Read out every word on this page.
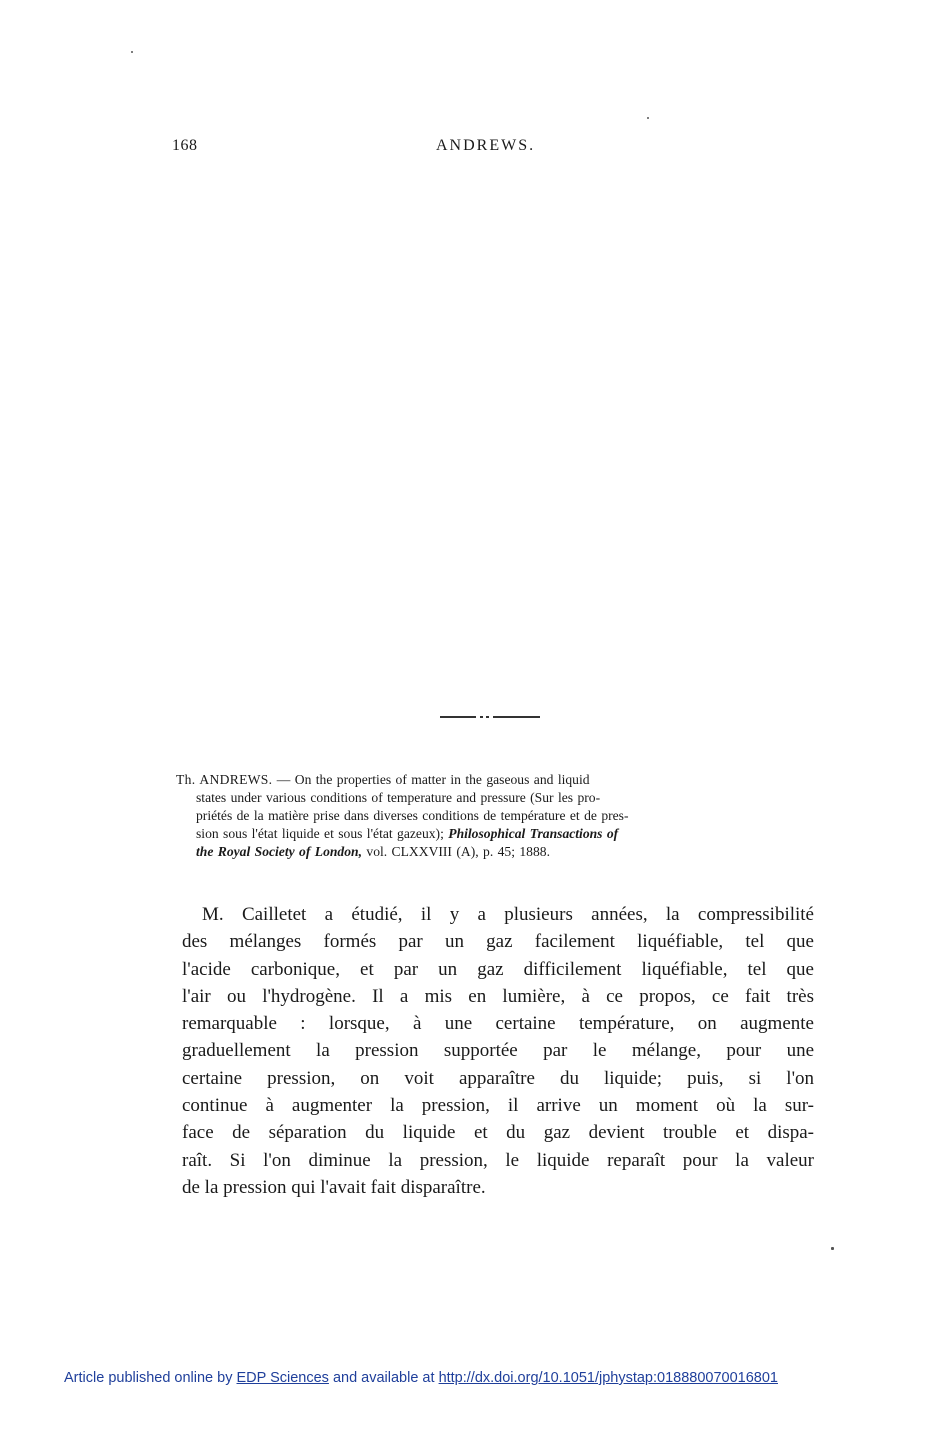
168	ANDREWS.
Th. ANDREWS. — On the properties of matter in the gaseous and liquid
states under various conditions of temperature and pressure (Sur les pro-
priétés de la matière prise dans diverses conditions de température et de pres-
sion sous l'état liquide et sous l'état gazeux); Philosophical Transactions of
the Royal Society of London, vol. CLXXVIII (A), p. 45; 1888.
M. Cailletet a étudié, il y a plusieurs années, la compressibilité
des mélanges formés par un gaz facilement liquéfiable, tel que
l'acide carbonique, et par un gaz difficilement liquéfiable, tel que
l'air ou l'hydrogène. Il a mis en lumière, à ce propos, ce fait très
remarquable : lorsque, à une certaine température, on augmente
graduellement la pression supportée par le mélange, pour une
certaine pression, on voit apparaître du liquide; puis, si l'on
continue à augmenter la pression, il arrive un moment où la sur-
face de séparation du liquide et du gaz devient trouble et dispa-
raît. Si l'on diminue la pression, le liquide reparaît pour la valeur
de la pression qui l'avait fait disparaître.
Article published online by EDP Sciences and available at http://dx.doi.org/10.1051/jphystap:018880070016801
